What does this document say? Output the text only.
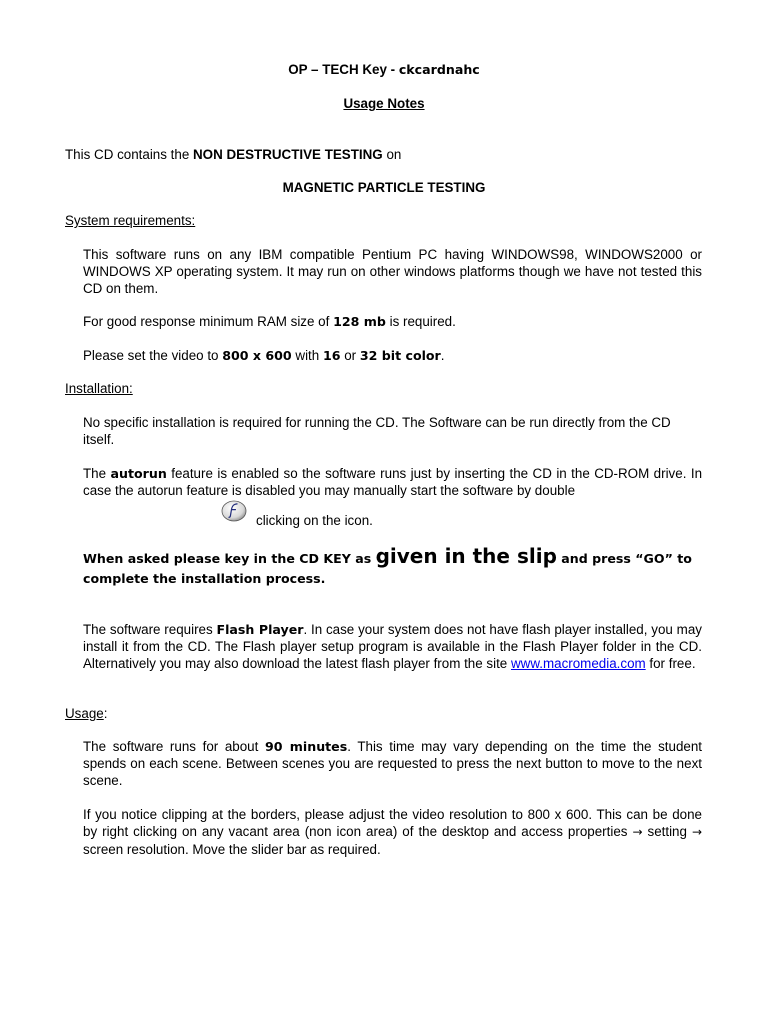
OP – TECH Key - ckcardnahc
Usage Notes
This CD contains the NON DESTRUCTIVE TESTING on
MAGNETIC PARTICLE TESTING
System requirements:
This software runs on any IBM compatible Pentium PC having WINDOWS98, WINDOWS2000 or WINDOWS XP operating system. It may run on other windows platforms though we have not tested this CD on them.
For good response minimum RAM size of 128 mb is required.
Please set the video to 800 x 600 with 16 or 32 bit color.
Installation:
No specific installation is required for running the CD. The Software can be run directly from the CD itself.
The autorun feature is enabled so the software runs just by inserting the CD in the CD-ROM drive. In case the autorun feature is disabled you may manually start the software by double
clicking on the icon.
When asked please key in the CD KEY as given in the slip and press “GO” to complete the installation process.
The software requires Flash Player. In case your system does not have flash player installed, you may install it from the CD. The Flash player setup program is available in the Flash Player folder in the CD. Alternatively you may also download the latest flash player from the site www.macromedia.com for free.
Usage:
The software runs for about 90 minutes. This time may vary depending on the time the student spends on each scene. Between scenes you are requested to press the next button to move to the next scene.
If you notice clipping at the borders, please adjust the video resolution to 800 x 600. This can be done by right clicking on any vacant area (non icon area) of the desktop and access properties → setting → screen resolution. Move the slider bar as required.
